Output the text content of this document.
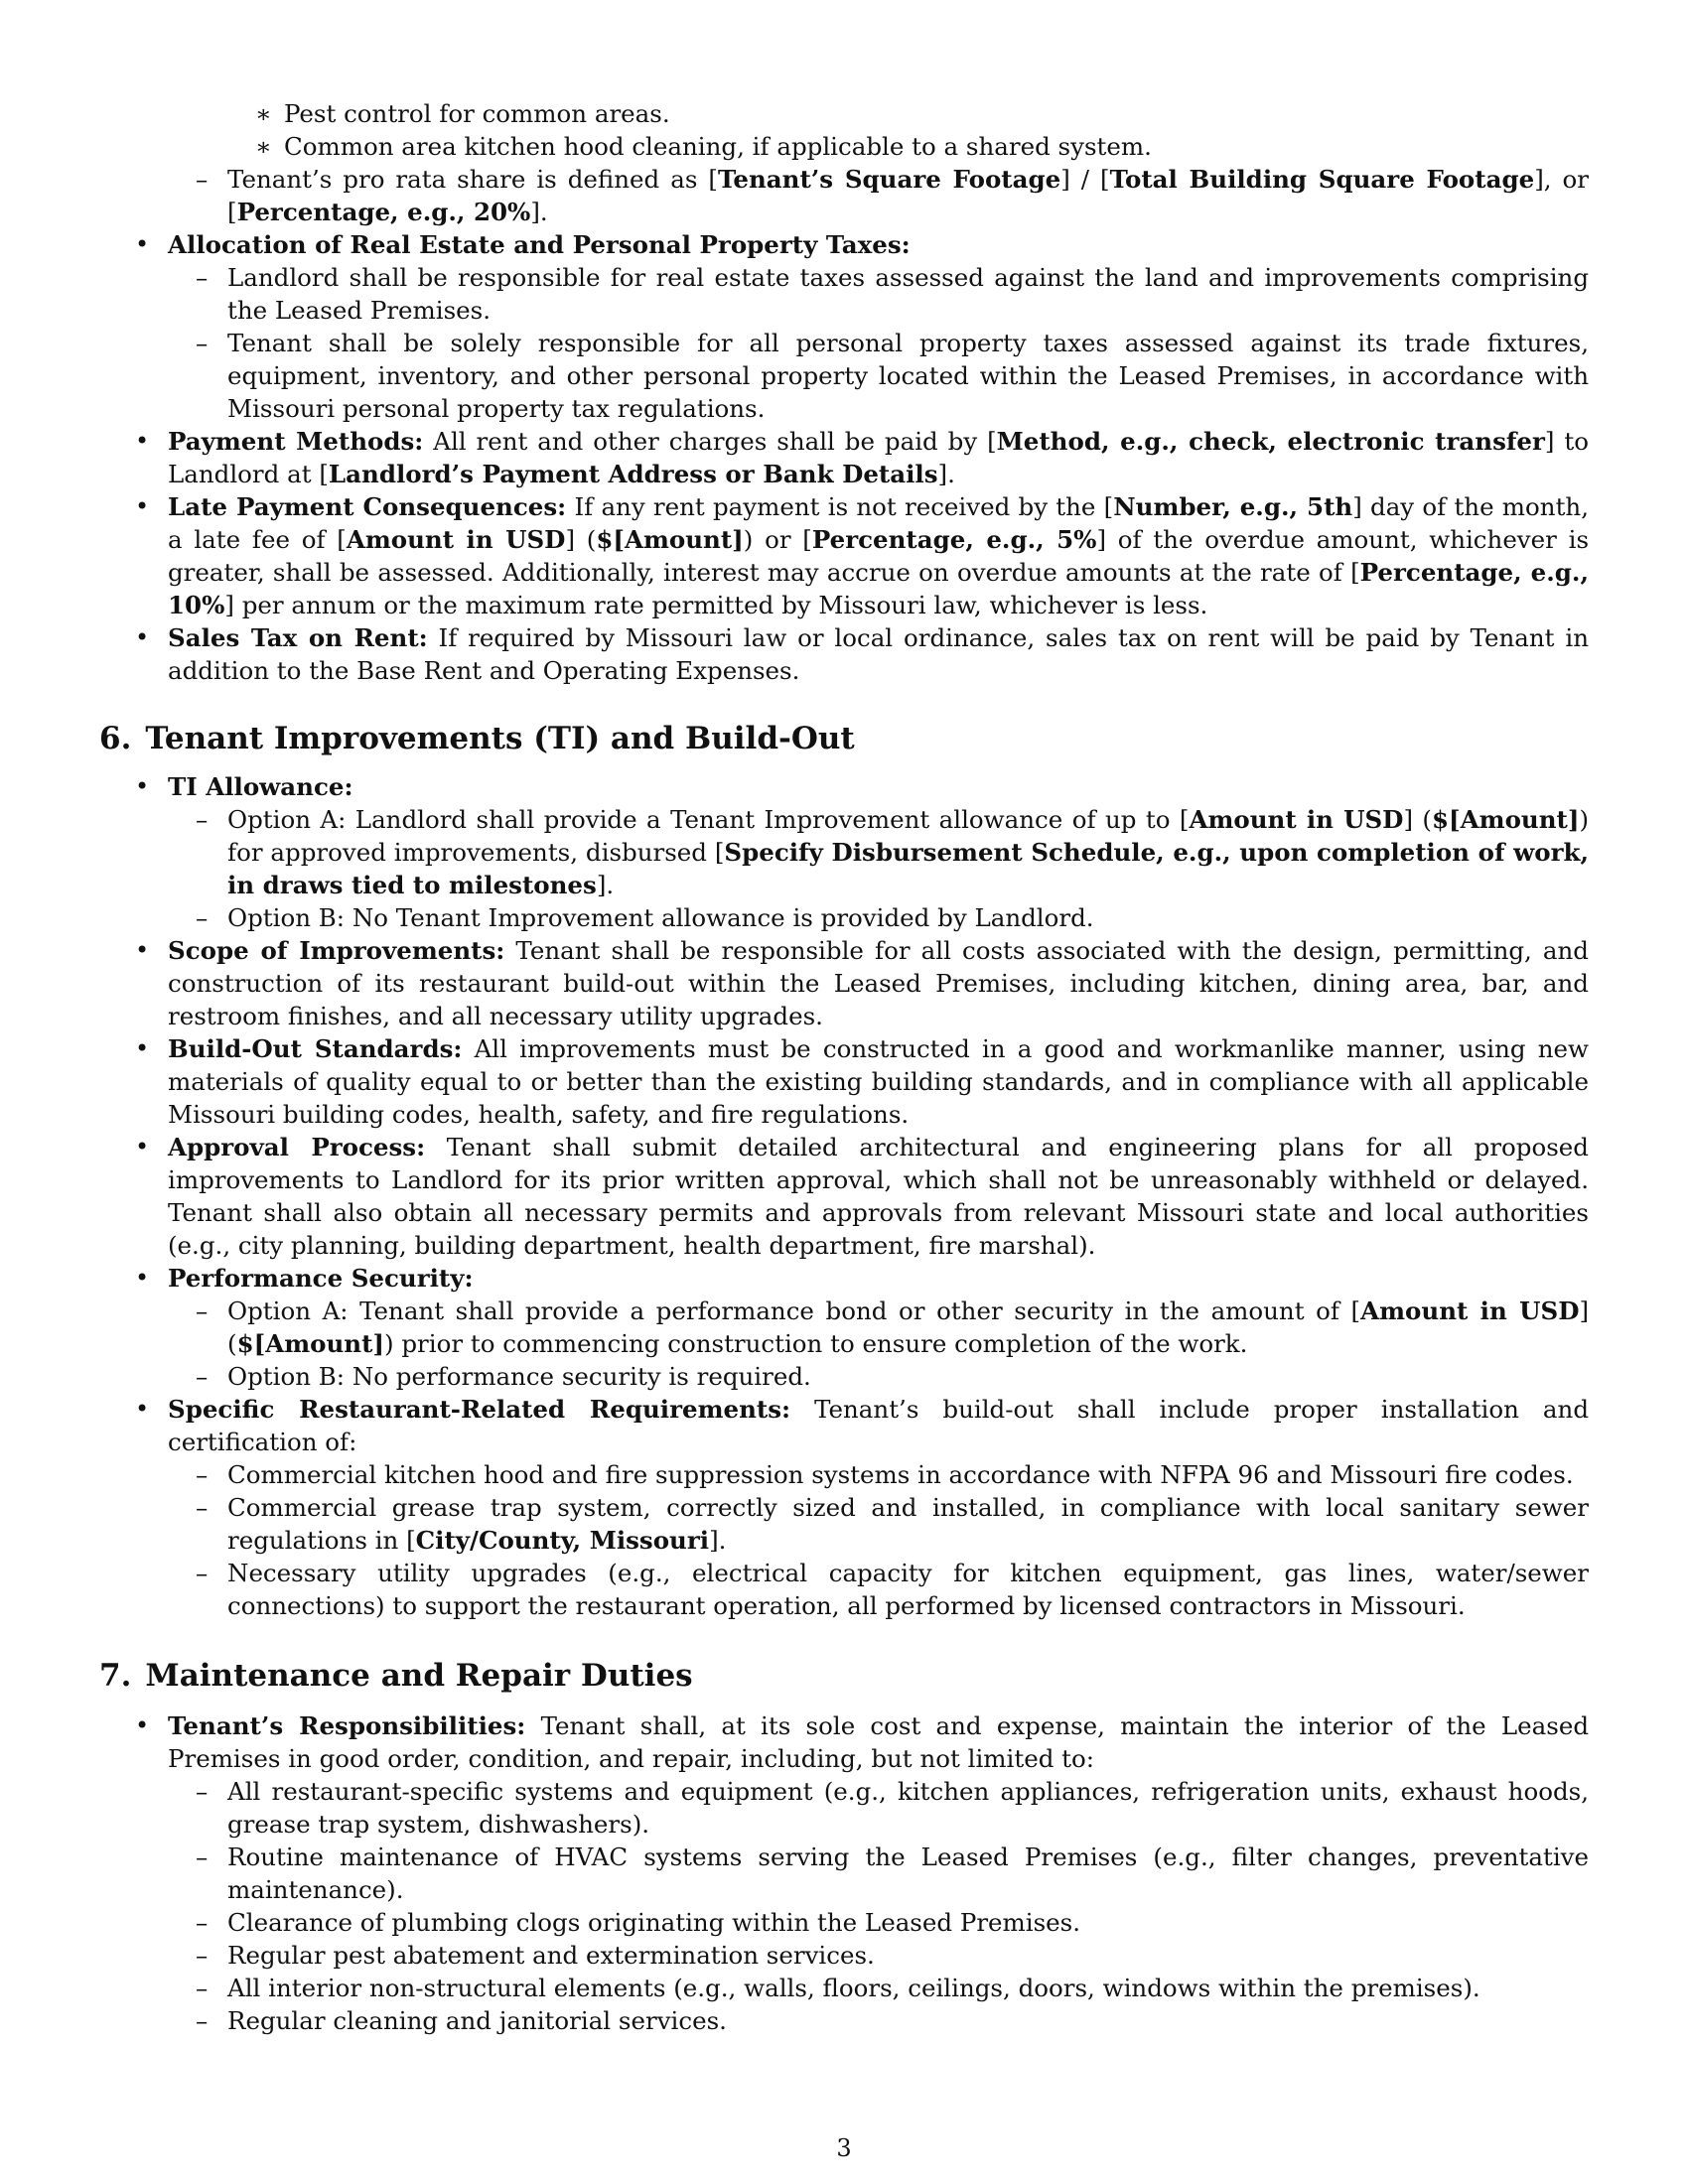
∗ Pest control for common areas.
∗ Common area kitchen hood cleaning, if applicable to a shared system.
– Tenant’s pro rata share is defined as [Tenant’s Square Footage] / [Total Building Square Footage], or [Percentage, e.g., 20%].
• Allocation of Real Estate and Personal Property Taxes:
– Landlord shall be responsible for real estate taxes assessed against the land and improvements comprising the Leased Premises.
– Tenant shall be solely responsible for all personal property taxes assessed against its trade fixtures, equipment, inventory, and other personal property located within the Leased Premises, in accordance with Missouri personal property tax regulations.
• Payment Methods: All rent and other charges shall be paid by [Method, e.g., check, electronic transfer] to Landlord at [Landlord’s Payment Address or Bank Details].
• Late Payment Consequences: If any rent payment is not received by the [Number, e.g., 5th] day of the month, a late fee of [Amount in USD] ($[Amount]) or [Percentage, e.g., 5%] of the overdue amount, whichever is greater, shall be assessed. Additionally, interest may accrue on overdue amounts at the rate of [Percentage, e.g., 10%] per annum or the maximum rate permitted by Missouri law, whichever is less.
• Sales Tax on Rent: If required by Missouri law or local ordinance, sales tax on rent will be paid by Tenant in addition to the Base Rent and Operating Expenses.
6. Tenant Improvements (TI) and Build-Out
• TI Allowance:
– Option A: Landlord shall provide a Tenant Improvement allowance of up to [Amount in USD] ($[Amount]) for approved improvements, disbursed [Specify Disbursement Schedule, e.g., upon completion of work, in draws tied to milestones].
– Option B: No Tenant Improvement allowance is provided by Landlord.
• Scope of Improvements: Tenant shall be responsible for all costs associated with the design, permitting, and construction of its restaurant build-out within the Leased Premises, including kitchen, dining area, bar, and restroom finishes, and all necessary utility upgrades.
• Build-Out Standards: All improvements must be constructed in a good and workmanlike manner, using new materials of quality equal to or better than the existing building standards, and in compliance with all applicable Missouri building codes, health, safety, and fire regulations.
• Approval Process: Tenant shall submit detailed architectural and engineering plans for all proposed improvements to Landlord for its prior written approval, which shall not be unreasonably withheld or delayed. Tenant shall also obtain all necessary permits and approvals from relevant Missouri state and local authorities (e.g., city planning, building department, health department, fire marshal).
• Performance Security:
– Option A: Tenant shall provide a performance bond or other security in the amount of [Amount in USD] ($[Amount]) prior to commencing construction to ensure completion of the work.
– Option B: No performance security is required.
• Specific Restaurant-Related Requirements: Tenant’s build-out shall include proper installation and certification of:
– Commercial kitchen hood and fire suppression systems in accordance with NFPA 96 and Missouri fire codes.
– Commercial grease trap system, correctly sized and installed, in compliance with local sanitary sewer regulations in [City/County, Missouri].
– Necessary utility upgrades (e.g., electrical capacity for kitchen equipment, gas lines, water/sewer connections) to support the restaurant operation, all performed by licensed contractors in Missouri.
7. Maintenance and Repair Duties
• Tenant’s Responsibilities: Tenant shall, at its sole cost and expense, maintain the interior of the Leased Premises in good order, condition, and repair, including, but not limited to:
– All restaurant-specific systems and equipment (e.g., kitchen appliances, refrigeration units, exhaust hoods, grease trap system, dishwashers).
– Routine maintenance of HVAC systems serving the Leased Premises (e.g., filter changes, preventative maintenance).
– Clearance of plumbing clogs originating within the Leased Premises.
– Regular pest abatement and extermination services.
– All interior non-structural elements (e.g., walls, floors, ceilings, doors, windows within the premises).
– Regular cleaning and janitorial services.
3
